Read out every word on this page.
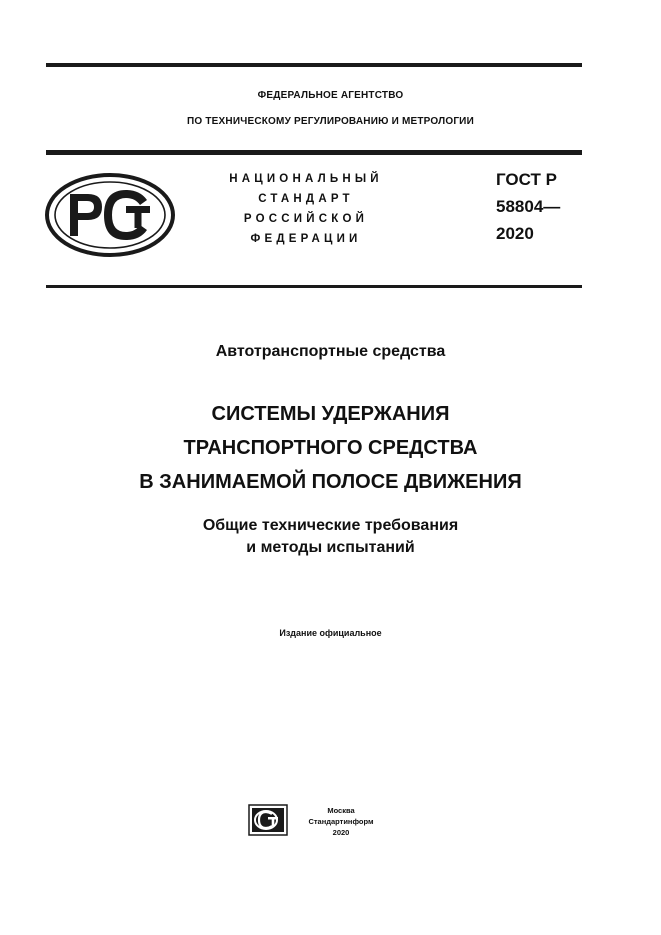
ФЕДЕРАЛЬНОЕ АГЕНТСТВО
ПО ТЕХНИЧЕСКОМУ РЕГУЛИРОВАНИЮ И МЕТРОЛОГИИ
НАЦИОНАЛЬНЫЙ
СТАНДАРТ
РОССИЙСКОЙ
ФЕДЕРАЦИИ
ГОСТ Р
58804—
2020
Автотранспортные средства
СИСТЕМЫ УДЕРЖАНИЯ
ТРАНСПОРТНОГО СРЕДСТВА
В ЗАНИМАЕМОЙ ПОЛОСЕ ДВИЖЕНИЯ
Общие технические требования
и методы испытаний
Издание официальное
Москва
Стандартинформ
2020
